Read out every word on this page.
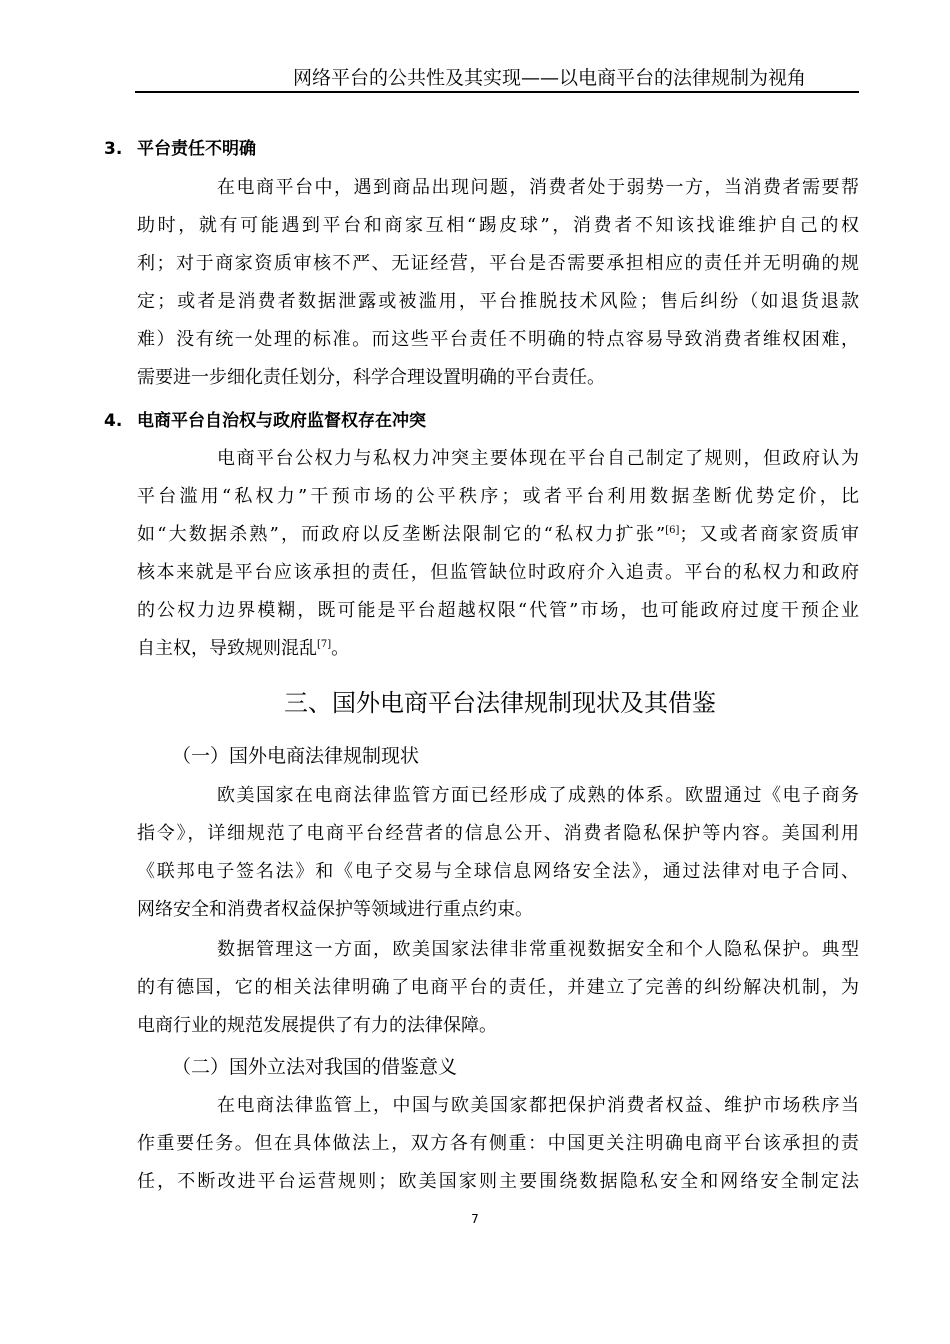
网络平台的公共性及其实现——以电商平台的法律规制为视角
3. 平台责任不明确
在电商平台中，遇到商品出现问题，消费者处于弱势一方，当消费者需要帮
助时，就有可能遇到平台和商家互相“踢皮球”，消费者不知该找谁维护自己的权
利；对于商家资质审核不严、无证经营，平台是否需要承担相应的责任并无明确的规
定；或者是消费者数据泄露或被滥用，平台推脱技术风险；售后纠纷（如退货退款
难）没有统一处理的标准。而这些平台责任不明确的特点容易导致消费者维权困难，
需要进一步细化责任划分，科学合理设置明确的平台责任。
4. 电商平台自治权与政府监督权存在冲突
电商平台公权力与私权力冲突主要体现在平台自己制定了规则，但政府认为
平台滥用“私权力”干预市场的公平秩序；或者平台利用数据垄断优势定价，比
如“大数据杀熟”，而政府以反垄断法限制它的“私权力扩张”[6]；又或者商家资质审
核本来就是平台应该承担的责任，但监管缺位时政府介入追责。平台的私权力和政府
的公权力边界模糊，既可能是平台超越权限“代管”市场，也可能政府过度干预企业
自主权，导致规则混乱[7]。
三、国外电商平台法律规制现状及其借鉴
（一）国外电商法律规制现状
欧美国家在电商法律监管方面已经形成了成熟的体系。欧盟通过《电子商务
指令》，详细规范了电商平台经营者的信息公开、消费者隐私保护等内容。美国利用
《联邦电子签名法》和《电子交易与全球信息网络安全法》，通过法律对电子合同、
网络安全和消费者权益保护等领域进行重点约束。
数据管理这一方面，欧美国家法律非常重视数据安全和个人隐私保护。典型
的有德国，它的相关法律明确了电商平台的责任，并建立了完善的纠纷解决机制，为
电商行业的规范发展提供了有力的法律保障。
（二）国外立法对我国的借鉴意义
在电商法律监管上，中国与欧美国家都把保护消费者权益、维护市场秩序当
作重要任务。但在具体做法上，双方各有侧重：中国更关注明确电商平台该承担的责
任，不断改进平台运营规则；欧美国家则主要围绕数据隐私安全和网络安全制定法
7
